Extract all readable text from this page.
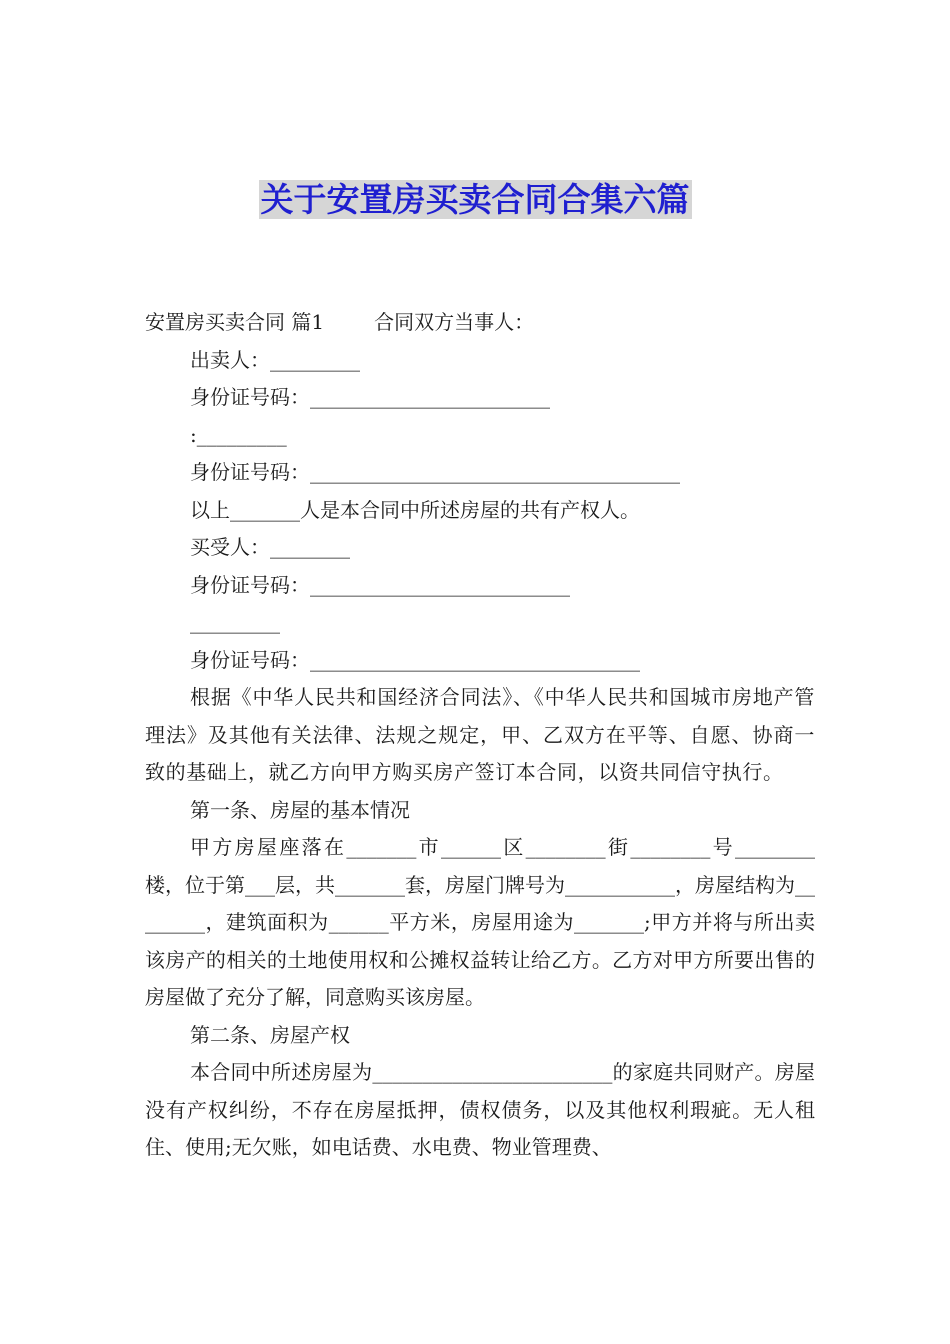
关于安置房买卖合同合集六篇

安置房买卖合同 篇1	合同双方当事人：

出卖人：_________

身份证号码：________________________

:_________

身份证号码：_____________________________________

以上_______人是本合同中所述房屋的共有产权人。

买受人：________

身份证号码：__________________________

_________

身份证号码：_________________________________

根据《中华人民共和国经济合同法》、《中华人民共和国城市房地产管理法》及其他有关法律、法规之规定，甲、乙双方在平等、自愿、协商一致的基础上，就乙方向甲方购买房产签订本合同，以资共同信守执行。

第一条、房屋的基本情况

甲方房屋座落在_______市______区________街________号________楼，位于第___层，共_______套，房屋门牌号为___________，房屋结构为________，建筑面积为______平方米，房屋用途为_______;甲方并将与所出卖该房产的相关的土地使用权和公摊权益转让给乙方。乙方对甲方所要出售的房屋做了充分了解，同意购买该房屋。

第二条、房屋产权

本合同中所述房屋为________________________的家庭共同财产。房屋没有产权纠纷，不存在房屋抵押，债权债务，以及其他权利瑕疵。无人租住、使用;无欠账，如电话费、水电费、物业管理费、
